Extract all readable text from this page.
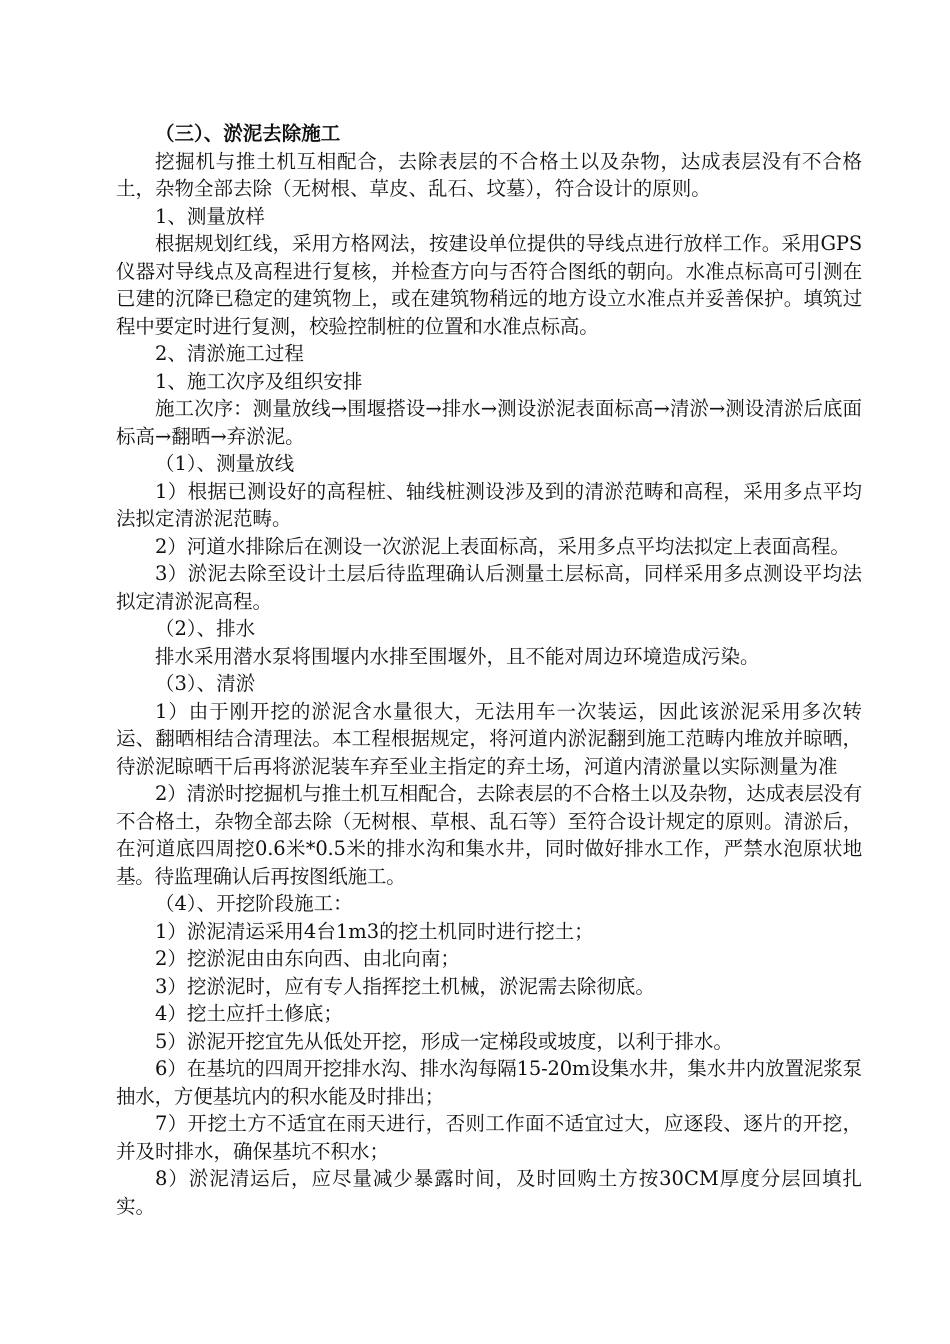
（三）、淤泥去除施工

挖掘机与推土机互相配合，去除表层的不合格土以及杂物，达成表层没有不合格土，杂物全部去除（无树根、草皮、乱石、坟墓），符合设计的原则。

1、测量放样

根据规划红线，采用方格网法，按建设单位提供的导线点进行放样工作。采用GPS仪器对导线点及高程进行复核，并检查方向与否符合图纸的朝向。水准点标高可引测在已建的沉降已稳定的建筑物上，或在建筑物稍远的地方设立水准点并妥善保护。填筑过程中要定时进行复测，校验控制桩的位置和水准点标高。

2、清淤施工过程

1、施工次序及组织安排

施工次序：测量放线→围堰搭设→排水→测设淤泥表面标高→清淤→测设清淤后底面标高→翻晒→弃淤泥。

（1）、测量放线

1）根据已测设好的高程桩、轴线桩测设涉及到的清淤范畴和高程，采用多点平均法拟定清淤泥范畴。

2）河道水排除后在测设一次淤泥上表面标高，采用多点平均法拟定上表面高程。

3）淤泥去除至设计土层后待监理确认后测量土层标高，同样采用多点测设平均法拟定清淤泥高程。

（2）、排水

排水采用潜水泵将围堰内水排至围堰外，且不能对周边环境造成污染。

（3）、清淤

1）由于刚开挖的淤泥含水量很大，无法用车一次装运，因此该淤泥采用多次转运、翻晒相结合清理法。本工程根据规定，将河道内淤泥翻到施工范畴内堆放并晾晒，待淤泥晾晒干后再将淤泥装车弃至业主指定的弃土场，河道内清淤量以实际测量为准

2）清淤时挖掘机与推土机互相配合，去除表层的不合格土以及杂物，达成表层没有不合格土，杂物全部去除（无树根、草根、乱石等）至符合设计规定的原则。清淤后，在河道底四周挖0.6米*0.5米的排水沟和集水井，同时做好排水工作，严禁水泡原状地基。待监理确认后再按图纸施工。

（4）、开挖阶段施工：

1）淤泥清运采用4台1m3的挖土机同时进行挖土；

2）挖淤泥由由东向西、由北向南；

3）挖淤泥时，应有专人指挥挖土机械，淤泥需去除彻底。

4）挖土应扦土修底；

5）淤泥开挖宜先从低处开挖，形成一定梯段或坡度，以利于排水。

6）在基坑的四周开挖排水沟、排水沟每隔15-20m设集水井，集水井内放置泥浆泵抽水，方便基坑内的积水能及时排出；

7）开挖土方不适宜在雨天进行，否则工作面不适宜过大，应逐段、逐片的开挖，并及时排水，确保基坑不积水；

8）淤泥清运后，应尽量减少暴露时间，及时回购土方按30CM厚度分层回填扎实。
